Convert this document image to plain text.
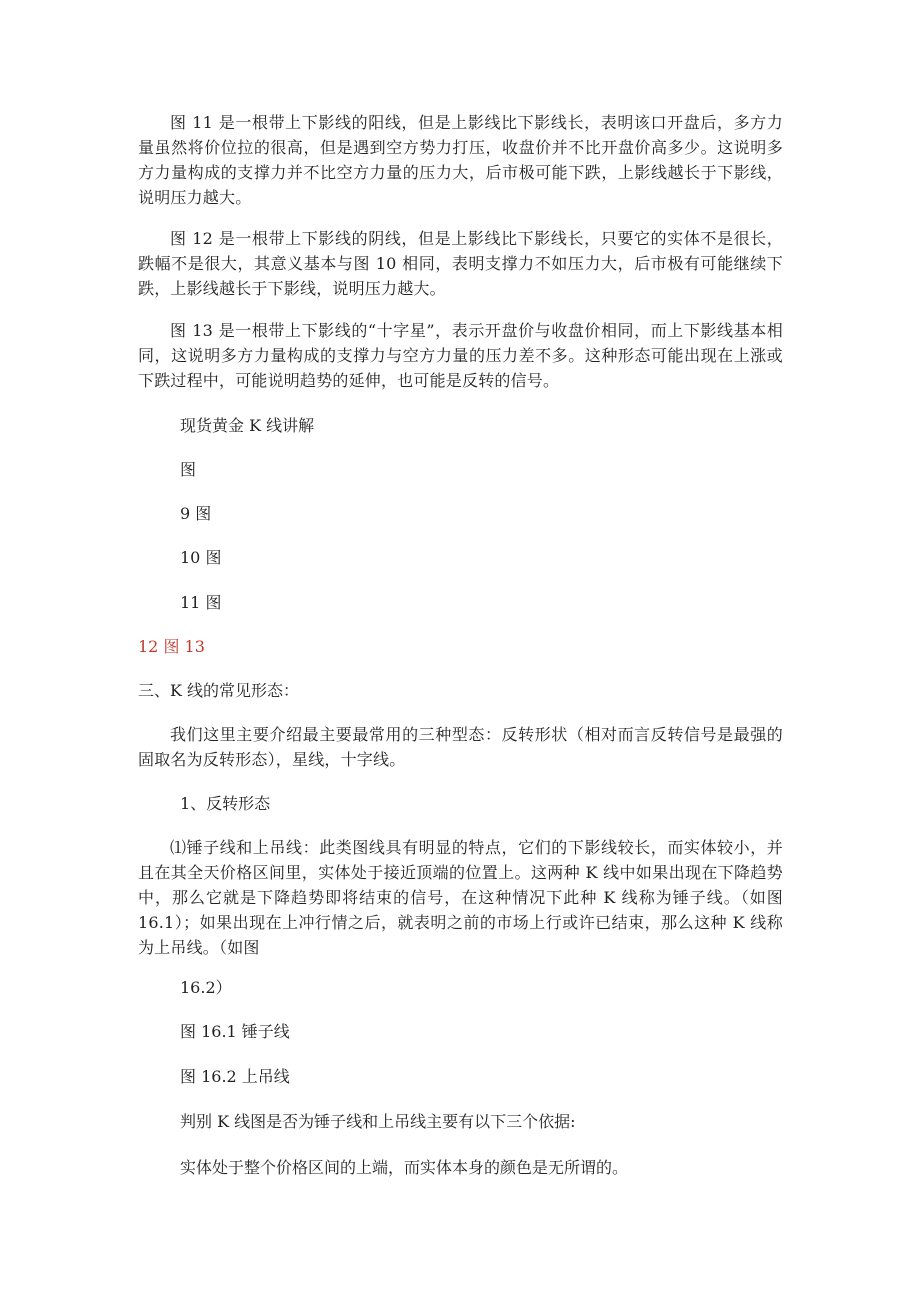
图 11 是一根带上下影线的阳线，但是上影线比下影线长，表明该口开盘后，多方力量虽然将价位拉的很高，但是遇到空方势力打压，收盘价并不比开盘价高多少。这说明多方力量构成的支撑力并不比空方力量的压力大，后市极可能下跌，上影线越长于下影线，说明压力越大。

图 12 是一根带上下影线的阴线，但是上影线比下影线长，只要它的实体不是很长，跌幅不是很大，其意义基本与图 10 相同，表明支撑力不如压力大，后市极有可能继续下跌，上影线越长于下影线，说明压力越大。

图 13 是一根带上下影线的“十字星”，表示开盘价与收盘价相同，而上下影线基本相同，这说明多方力量构成的支撑力与空方力量的压力差不多。这种形态可能出现在上涨或下跌过程中，可能说明趋势的延伸，也可能是反转的信号。

现货黄金 K 线讲解

图

9 图

10 图

11 图

12 图 13

三、K 线的常见形态：

我们这里主要介绍最主要最常用的三种型态：反转形状（相对而言反转信号是最强的固取名为反转形态），星线，十字线。

1、反转形态

⑴锤子线和上吊线：此类图线具有明显的特点，它们的下影线较长，而实体较小，并且在其全天价格区间里，实体处于接近顶端的位置上。这两种 K 线中如果出现在下降趋势中，那么它就是下降趋势即将结束的信号，在这种情况下此种 K 线称为锤子线。（如图 16.1）；如果出现在上冲行情之后，就表明之前的市场上行或许已结束，那么这种 K 线称为上吊线。（如图

16.2）

图 16.1 锤子线

图 16.2 上吊线

判别 K 线图是否为锤子线和上吊线主要有以下三个依据:

实体处于整个价格区间的上端，而实体本身的颜色是无所谓的。
